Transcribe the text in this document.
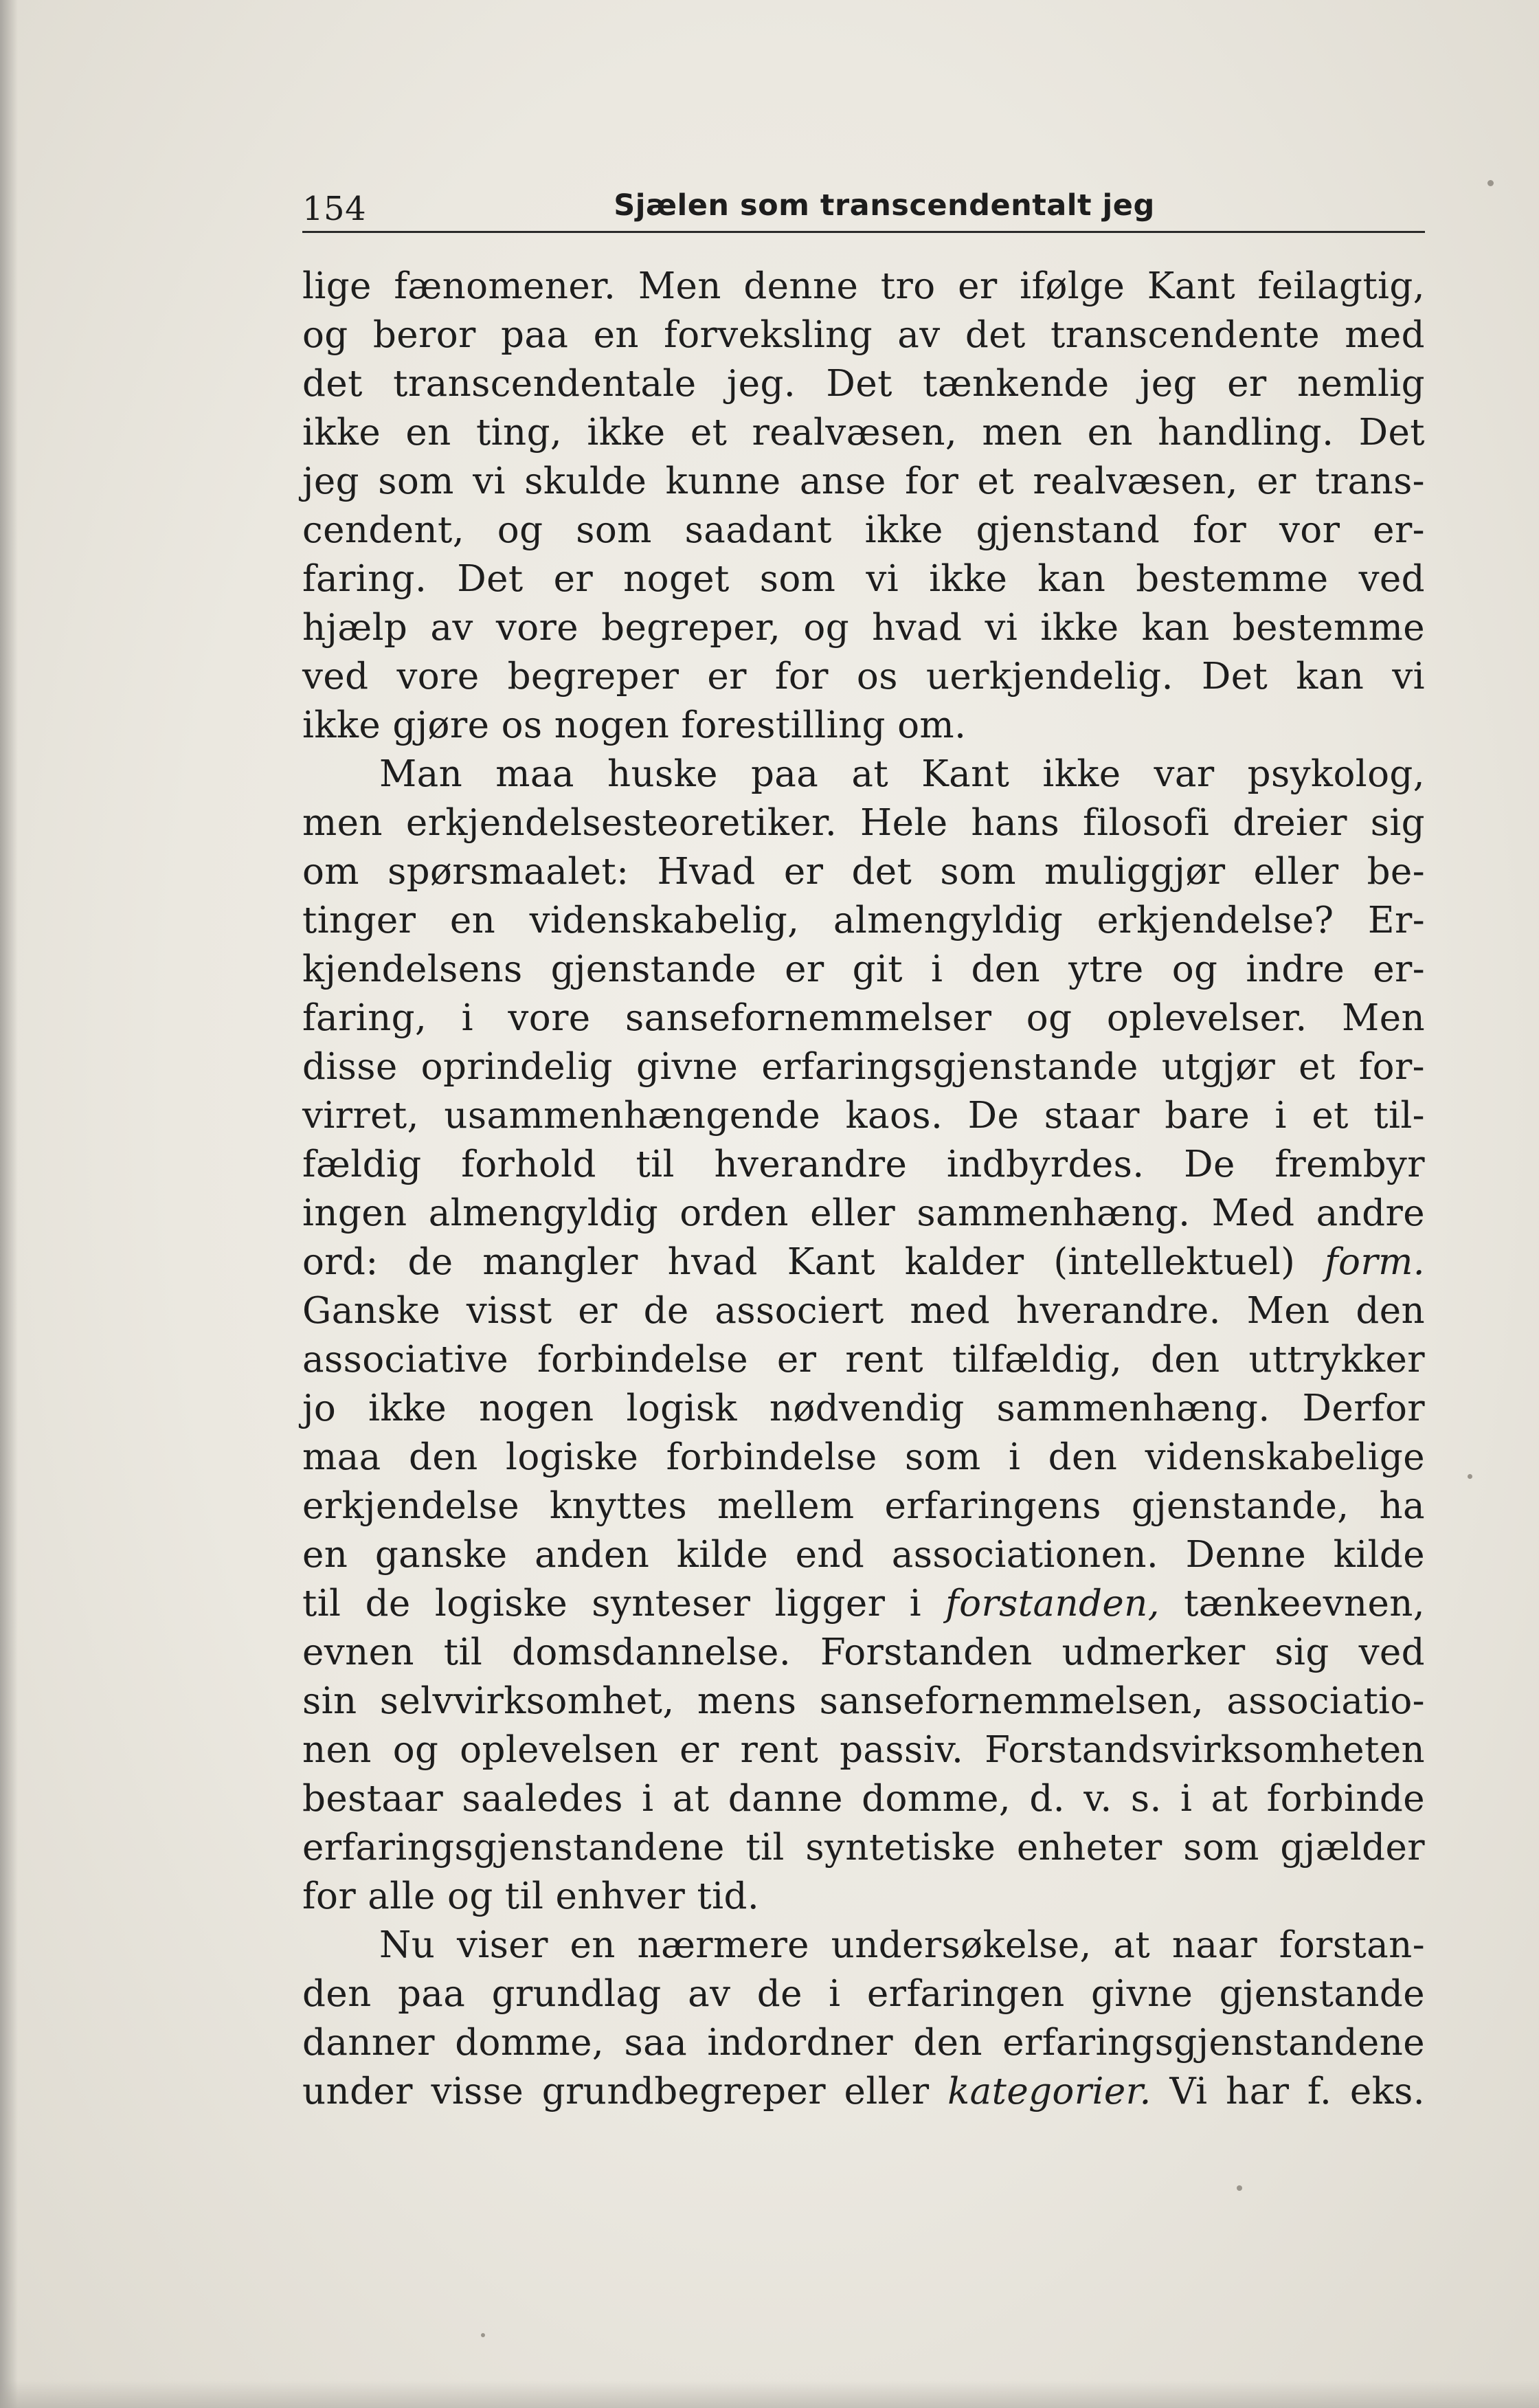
154	Sjælen som transcendentalt jeg

lige fænomener. Men denne tro er ifølge Kant feilagtig,
og beror paa en forveksling av det transcendente med
det transcendentale jeg. Det tænkende jeg er nemlig
ikke en ting, ikke et realvæsen, men en handling. Det
jeg som vi skulde kunne anse for et realvæsen, er trans-
cendent, og som saadant ikke gjenstand for vor er-
faring. Det er noget som vi ikke kan bestemme ved
hjælp av vore begreper, og hvad vi ikke kan bestemme
ved vore begreper er for os uerkjendelig. Det kan vi
ikke gjøre os nogen forestilling om.

Man maa huske paa at Kant ikke var psykolog,
men erkjendelsesteoretiker. Hele hans filosofi dreier sig
om spørsmaalet: Hvad er det som muliggjør eller be-
tinger en videnskabelig, almengyldig erkjendelse? Er-
kjendelsens gjenstande er git i den ytre og indre er-
faring, i vore sansefornemmelser og oplevelser. Men
disse oprindelig givne erfaringsgjenstande utgjør et for-
virret, usammenhængende kaos. De staar bare i et til-
fældig forhold til hverandre indbyrdes. De frembyr
ingen almengyldig orden eller sammenhæng. Med andre
ord: de mangler hvad Kant kalder (intellektuel) form.
Ganske visst er de associert med hverandre. Men den
associative forbindelse er rent tilfældig, den uttrykker
jo ikke nogen logisk nødvendig sammenhæng. Derfor
maa den logiske forbindelse som i den videnskabelige
erkjendelse knyttes mellem erfaringens gjenstande, ha
en ganske anden kilde end associationen. Denne kilde
til de logiske synteser ligger i forstanden, tænkeevnen,
evnen til domsdannelse. Forstanden udmerker sig ved
sin selvvirksomhet, mens sansefornemmelsen, associatio-
nen og oplevelsen er rent passiv. Forstandsvirksomheten
bestaar saaledes i at danne domme, d. v. s. i at forbinde
erfaringsgjenstandene til syntetiske enheter som gjælder
for alle og til enhver tid.

Nu viser en nærmere undersøkelse, at naar forstan-
den paa grundlag av de i erfaringen givne gjenstande
danner domme, saa indordner den erfaringsgjenstandene
under visse grundbegreper eller kategorier. Vi har f. eks.
